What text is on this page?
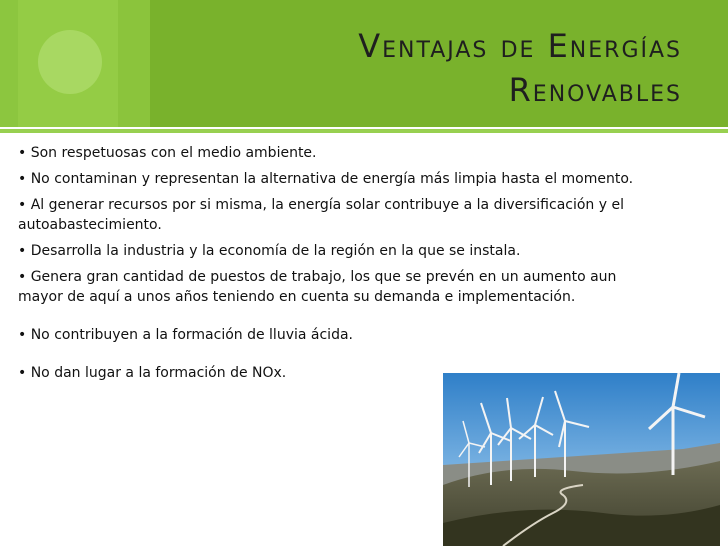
Ventajas de Energías
Renovables
• Son respetuosas con el medio ambiente.
• No contaminan y representan la alternativa de energía más limpia hasta el momento.
• Al generar recursos por si misma, la energía solar contribuye a la diversificación y el autoabastecimiento.
• Desarrolla la industria y la economía de la región en la que se instala.
• Genera gran cantidad de puestos de trabajo, los que se prevén en un aumento aun mayor de aquí a unos años teniendo en cuenta su demanda e implementación.
• No contribuyen a la formación de lluvia ácida.
• No dan lugar a la formación de NOx.
